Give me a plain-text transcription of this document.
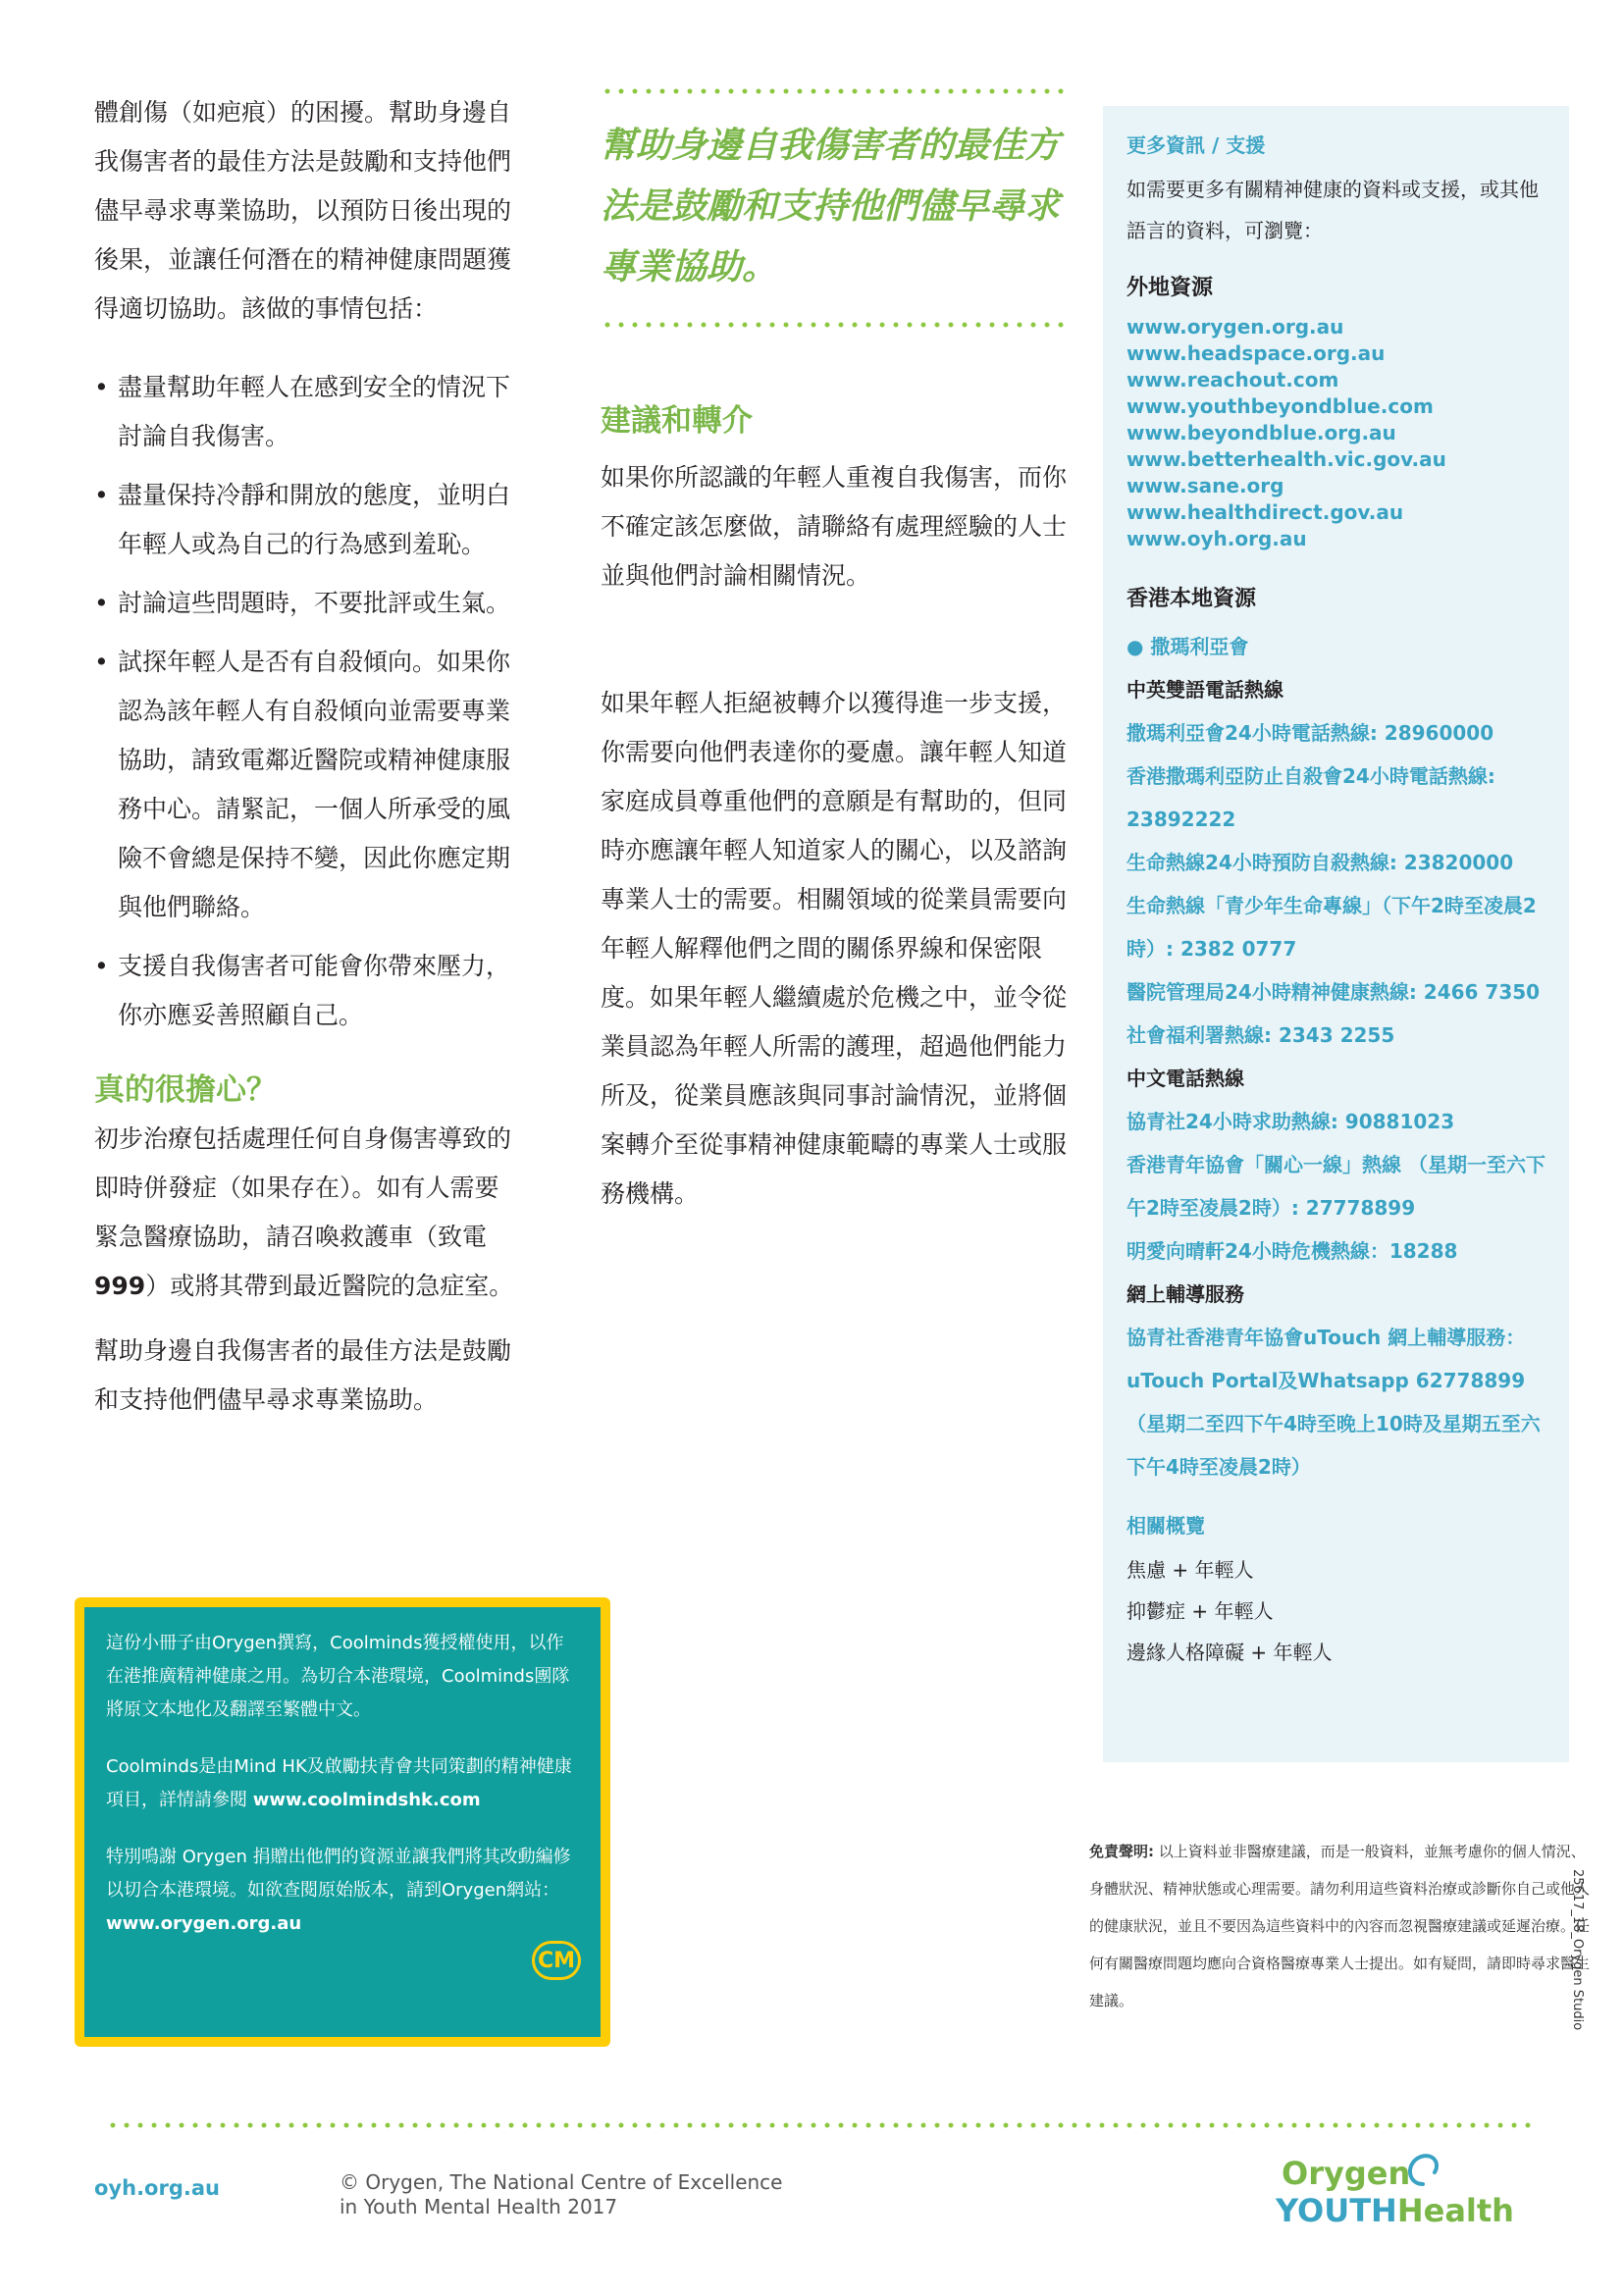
體創傷（如疤痕）的困擾。幫助身邊自我傷害者的最佳方法是鼓勵和支持他們儘早尋求專業協助，以預防日後出現的後果，並讓任何潛在的精神健康問題獲得適切協助。該做的事情包括：

• 盡量幫助年輕人在感到安全的情況下討論自我傷害。
• 盡量保持冷靜和開放的態度，並明白年輕人或為自己的行為感到羞恥。
• 討論這些問題時，不要批評或生氣。
• 試探年輕人是否有自殺傾向。如果你認為該年輕人有自殺傾向並需要專業協助，請致電鄰近醫院或精神健康服務中心。請緊記，一個人所承受的風險不會總是保持不變，因此你應定期與他們聯絡。
• 支援自我傷害者可能會你帶來壓力，你亦應妥善照顧自己。
真的很擔心？

初步治療包括處理任何自身傷害導致的即時併發症（如果存在）。如有人需要緊急醫療協助，請召喚救護車（致電999）或將其帶到最近醫院的急症室。

幫助身邊自我傷害者的最佳方法是鼓勵和支持他們儘早尋求專業協助。

幫助身邊自我傷害者的最佳方法是鼓勵和支持他們儘早尋求專業協助。

建議和轉介

如果你所認識的年輕人重複自我傷害，而你不確定該怎麼做，請聯絡有處理經驗的人士並與他們討論相關情況。

如果年輕人拒絕被轉介以獲得進一步支援，你需要向他們表達你的憂慮。讓年輕人知道家庭成員尊重他們的意願是有幫助的，但同時亦應讓年輕人知道家人的關心，以及諮詢專業人士的需要。相關領域的從業員需要向年輕人解釋他們之間的關係界線和保密限度。如果年輕人繼續處於危機之中，並令從業員認為年輕人所需的護理，超過他們能力所及，從業員應該與同事討論情況，並將個案轉介至從事精神健康範疇的專業人士或服務機構。

更多資訊 / 支援

如需要更多有關精神健康的資料或支援，或其他語言的資料，可瀏覽：

外地資源

www.orygen.org.au

www.headspace.org.au

www.reachout.com

www.youthbeyondblue.com

www.beyondblue.org.au

www.betterhealth.vic.gov.au

www.sane.org

www.healthdirect.gov.au

www.oyh.org.au

香港本地資源

● 撒瑪利亞會

中英雙語電話熱線

撒瑪利亞會24小時電話熱線: 28960000

香港撒瑪利亞防止自殺會24小時電話熱線: 23892222

生命熱線24小時預防自殺熱線: 23820000

生命熱線「青少年生命專線」（下午2時至凌晨2時）: 2382 0777

醫院管理局24小時精神健康熱線: 2466 7350

社會福利署熱線: 2343 2255

中文電話熱線

協青社24小時求助熱線: 90881023

香港青年協會「關心一線」熱線 （星期一至六下午2時至凌晨2時）: 27778899

明愛向晴軒24小時危機熱線：18288

網上輔導服務

協青社香港青年協會uTouch 網上輔導服務：uTouch Portal及Whatsapp 62778899（星期二至四下午4時至晚上10時及星期五至六下午4時至凌晨2時）

相關概覽

焦慮 + 年輕人

抑鬱症 + 年輕人

邊緣人格障礙 + 年輕人

免責聲明: 以上資料並非醫療建議，而是一般資料，並無考慮你的個人情況、身體狀況、精神狀態或心理需要。請勿利用這些資料治療或診斷你自己或他人的健康狀況，並且不要因為這些資料中的內容而忽視醫療建議或延遲治療。任何有關醫療問題均應向合資格醫療專業人士提出。如有疑問，請即時尋求醫生建議。	25617_18_Orygen Studio

這份小冊子由Orygen撰寫，Coolminds獲授權使用，以作在港推廣精神健康之用。為切合本港環境，Coolminds團隊將原文本地化及翻譯至繁體中文。

Coolminds是由Mind HK及啟勵扶青會共同策劃的精神健康項目，詳情請參閱 www.coolmindshk.com

特別鳴謝 Orygen 捐贈出他們的資源並讓我們將其改動編修以切合本港環境。如欲查閱原始版本，請到Orygen網站：
www.orygen.org.au

CM
oyh.org.au	© Orygen, The National Centre of Excellence
in Youth Mental Health 2017
Orygen
YOUTHHealth
